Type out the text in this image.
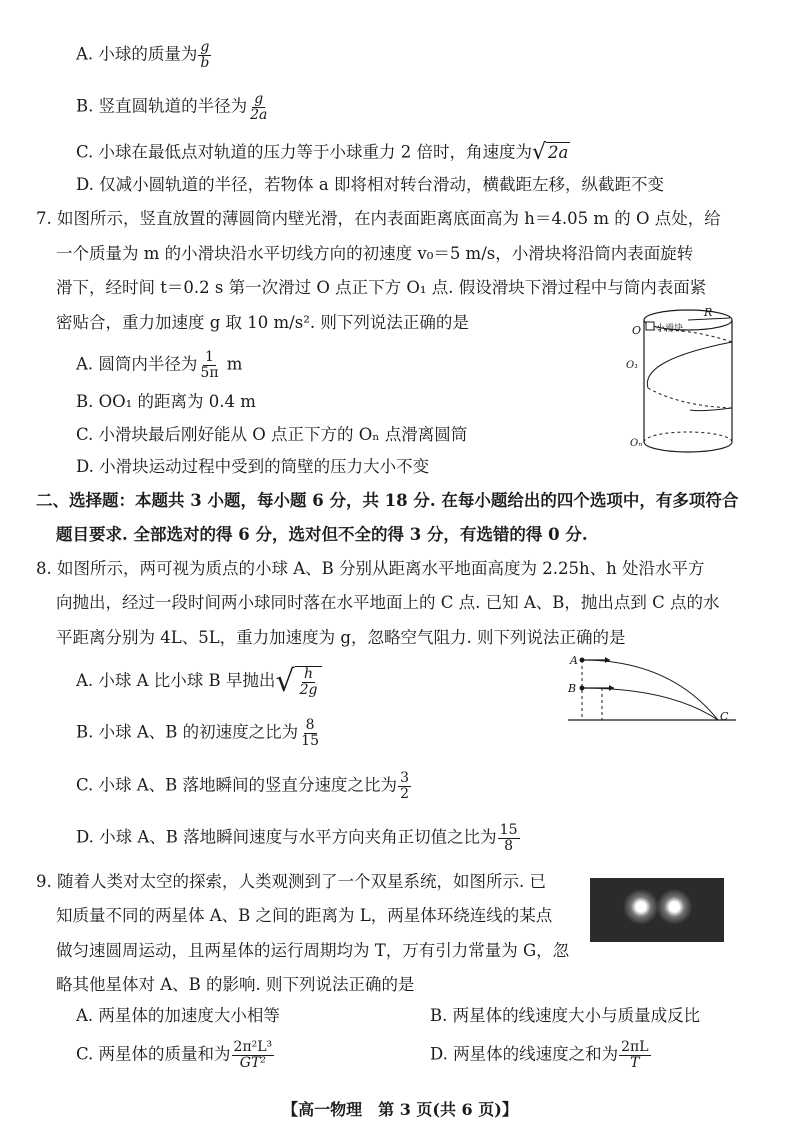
A. 小球的质量为 $\frac{g}{b}$
B. 竖直圆轨道的半径为 $\frac{g}{2a}$
C. 小球在最低点对轨道的压力等于小球重力 2 倍时，角速度为 √ 2a
D. 仅减小圆轨道的半径，若物体 a 即将相对转台滑动，横截距左移，纵截距不变
7. 如图所示，竖直放置的薄圆筒内壁光滑，在内表面距离底面高为 h＝4.05 m 的 O 点处，给
一个质量为 m 的小滑块沿水平切线方向的初速度 v₀＝5 m/s，小滑块将沿筒内表面旋转
滑下，经时间 t＝0.2 s 第一次滑过 O 点正下方 O₁ 点. 假设滑块下滑过程中与筒内表面紧
密贴合，重力加速度 g 取 10 m/s². 则下列说法正确的是
A. 圆筒内半径为 $\frac{1}{5\pi}$ m
B. OO₁ 的距离为 0.4 m
C. 小滑块最后刚好能从 O 点正下方的 Oₙ 点滑离圆筒
D. 小滑块运动过程中受到的筒壁的压力大小不变
O
O₁
Oₙ
R
小滑块
二、选择题：本题共 3 小题，每小题 6 分，共 18 分. 在每小题给出的四个选项中，有多项符合
题目要求. 全部选对的得 6 分，选对但不全的得 3 分，有选错的得 0 分.
8. 如图所示，两可视为质点的小球 A、B 分别从距离水平地面高度为 2.25h、h 处沿水平方
向抛出，经过一段时间两小球同时落在水平地面上的 C 点. 已知 A、B，抛出点到 C 点的水
平距离分别为 4L、5L，重力加速度为 g，忽略空气阻力. 则下列说法正确的是
A. 小球 A 比小球 B 早抛出 √ $\frac{h}{2g}$
B. 小球 A、B 的初速度之比为 $\frac{8}{15}$
C. 小球 A、B 落地瞬间的竖直分速度之比为 $\frac{3}{2}$
D. 小球 A、B 落地瞬间速度与水平方向夹角正切值之比为 $\frac{15}{8}$
A
B
C
9. 随着人类对太空的探索，人类观测到了一个双星系统，如图所示. 已
知质量不同的两星体 A、B 之间的距离为 L，两星体环绕连线的某点
做匀速圆周运动，且两星体的运行周期均为 T，万有引力常量为 G，忽
略其他星体对 A、B 的影响. 则下列说法正确的是
A. 两星体的加速度大小相等	B. 两星体的线速度大小与质量成反比
C. 两星体的质量和为 $\frac{\text{2π²L³}}{\text{GT²}}$	D. 两星体的线速度之和为 $\frac{2\pi L}{T}$
【高一物理　第 3 页(共 6 页)】
